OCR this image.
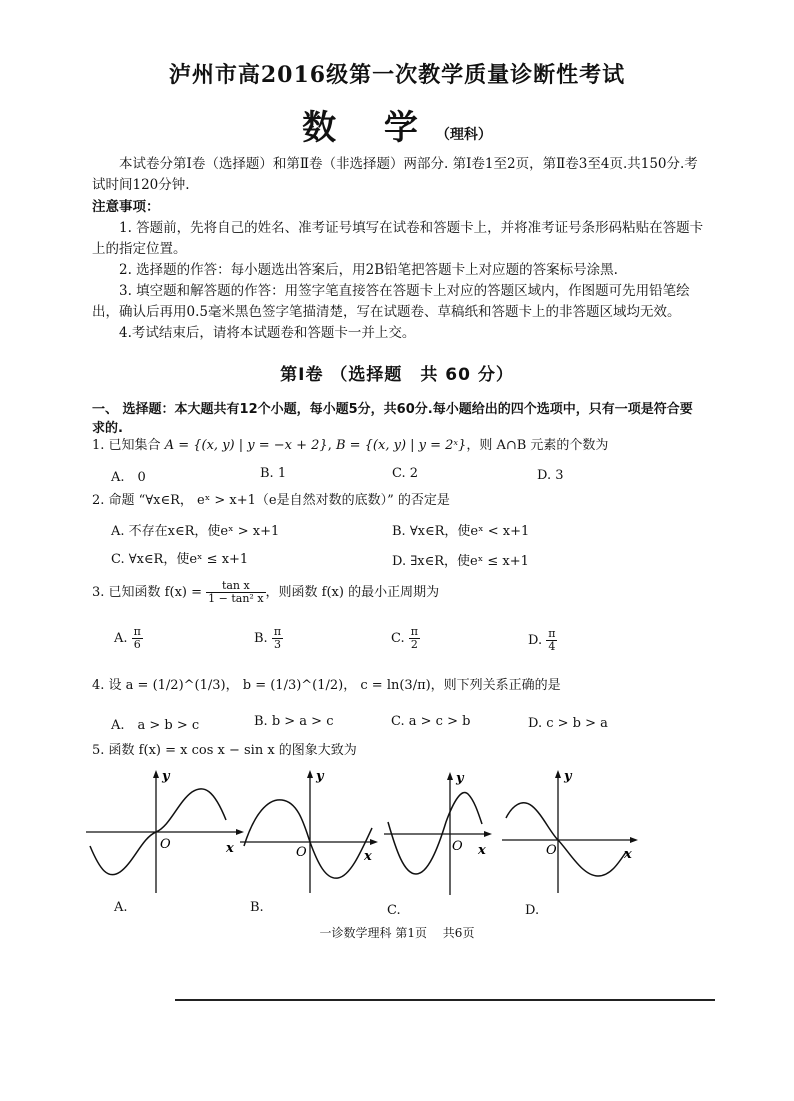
泸州市高2016级第一次教学质量诊断性考试
数 学（理科）
本试卷分第Ⅰ卷（选择题）和第Ⅱ卷（非选择题）两部分. 第Ⅰ卷1至2页，第Ⅱ卷3至4页.共150分.考试时间120分钟.
注意事项：
1. 答题前，先将自己的姓名、准考证号填写在试卷和答题卡上，并将准考证号条形码粘贴在答题卡上的指定位置。
2. 选择题的作答：每小题选出答案后，用2B铅笔把答题卡上对应题的答案标号涂黑.
3. 填空题和解答题的作答：用签字笔直接答在答题卡上对应的答题区域内，作图题可先用铅笔绘出，确认后再用0.5毫米黑色签字笔描清楚，写在试题卷、草稿纸和答题卡上的非答题区域均无效。
4.考试结束后，请将本试题卷和答题卡一并上交。
第Ⅰ卷 （选择题　共 60 分）
一、 选择题：本大题共有12个小题，每小题5分，共60分.每小题给出的四个选项中，只有一项是符合要求的.
1. 已知集合 A = {(x, y) | y = −x + 2}, B = {(x, y) | y = 2ˣ}，则 A∩B 元素的个数为
A.　0	B. 1	C. 2	D. 3
2. 命题 “∀x∈R， eˣ > x+1（e是自然对数的底数）” 的否定是
A. 不存在x∈R，使eˣ > x+1	B. ∀x∈R，使eˣ < x+1
C. ∀x∈R，使eˣ ≤ x+1	D. ∃x∈R，使eˣ ≤ x+1
3. 已知函数 $f(x) = \frac{\text{tan x}}{\text{1 − tan² x}}$ ，则函数 f(x) 的最小正周期为
A. $\frac{\pi}{6}$	B. $\frac{\pi}{3}$	C. $\frac{\pi}{2}$	D. $\frac{\pi}{4}$
4. 设 a = (1/2)^(1/3)， b = (1/3)^(1/2)， c = ln(3/π)，则下列关系正确的是
A.　a > b > c	B. b > a > c	C. a > c > b	D. c > b > a
5. 函数 f(x) = x cos x − sin x 的图象大致为
O	x
y
A.
O	x
y
B.
O x
y
C.
O	x
y
D.
一诊数学理科 第1页　 共6页
